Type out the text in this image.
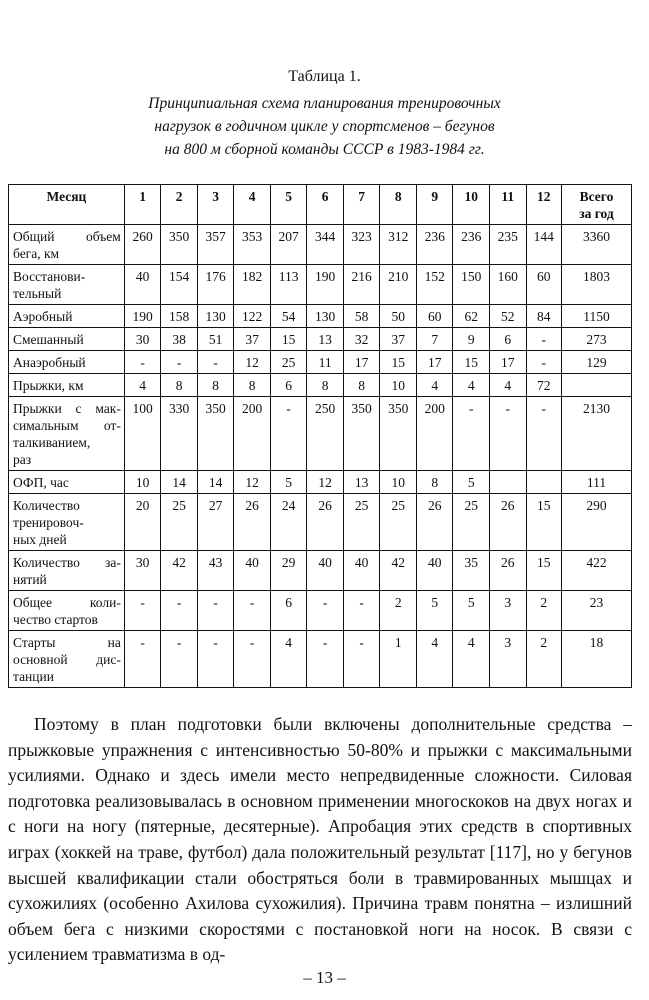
Таблица 1.
Принципиальная схема планирования тренировочных
нагрузок в годичном цикле у спортсменов – бегунов
на 800 м сборной команды СССР в 1983-1984 гг.
Месяц	1	2	3	4	5	6	7	8	9	10	11	12	Всего
за год

Общий объем
бега, км	260	350	357	353	207	344	323	312	236	236	235	144	3360

Восстанови-
тельный	40	154	176	182	113	190	216	210	152	150	160	60	1803

Аэробный	190	158	130	122	54	130	58	50	60	62	52	84	1150

Смешанный	30	38	51	37	15	13	32	37	7	9	6	-	273

Анаэробный	-	-	-	12	25	11	17	15	17	15	17	-	129

Прыжки, км	4	8	8	8	6	8	8	10	4	4	4	72	

Прыжки с мак-
симальным от-
талкиванием,
раз	100	330	350	200	-	250	350	350	200	-	-	-	2130

ОФП, час	10	14	14	12	5	12	13	10	8	5			111

Количество
тренировоч-
ных дней	20	25	27	26	24	26	25	25	26	25	26	15	290

Количество за-
нятий	30	42	43	40	29	40	40	42	40	35	26	15	422

Общее коли-
чество стартов	-	-	-	-	6	-	-	2	5	5	3	2	23

Старты на
основной дис-
танции	-	-	-	-	4	-	-	1	4	4	3	2	18

Поэтому в план подготовки были включены дополнительные средства – прыжковые упражнения с интенсивностью 50-80% и прыжки с максимальными усилиями. Однако и здесь имели место непредвиденные сложности. Силовая подготовка реализовывалась в основном применении многоскоков на двух ногах и с ноги на ногу (пятерные, десятерные). Апробация этих средств в спортивных играх (хоккей на траве, футбол) дала положительный результат [117], но у бегунов высшей квалификации стали обостряться боли в травмированных мышцах и сухожилиях (особенно Ахилова сухожилия). Причина травм понятна – излишний объем бега с низкими скоростями с постановкой ноги на носок. В связи с усилением травматизма в од-

– 13 –
